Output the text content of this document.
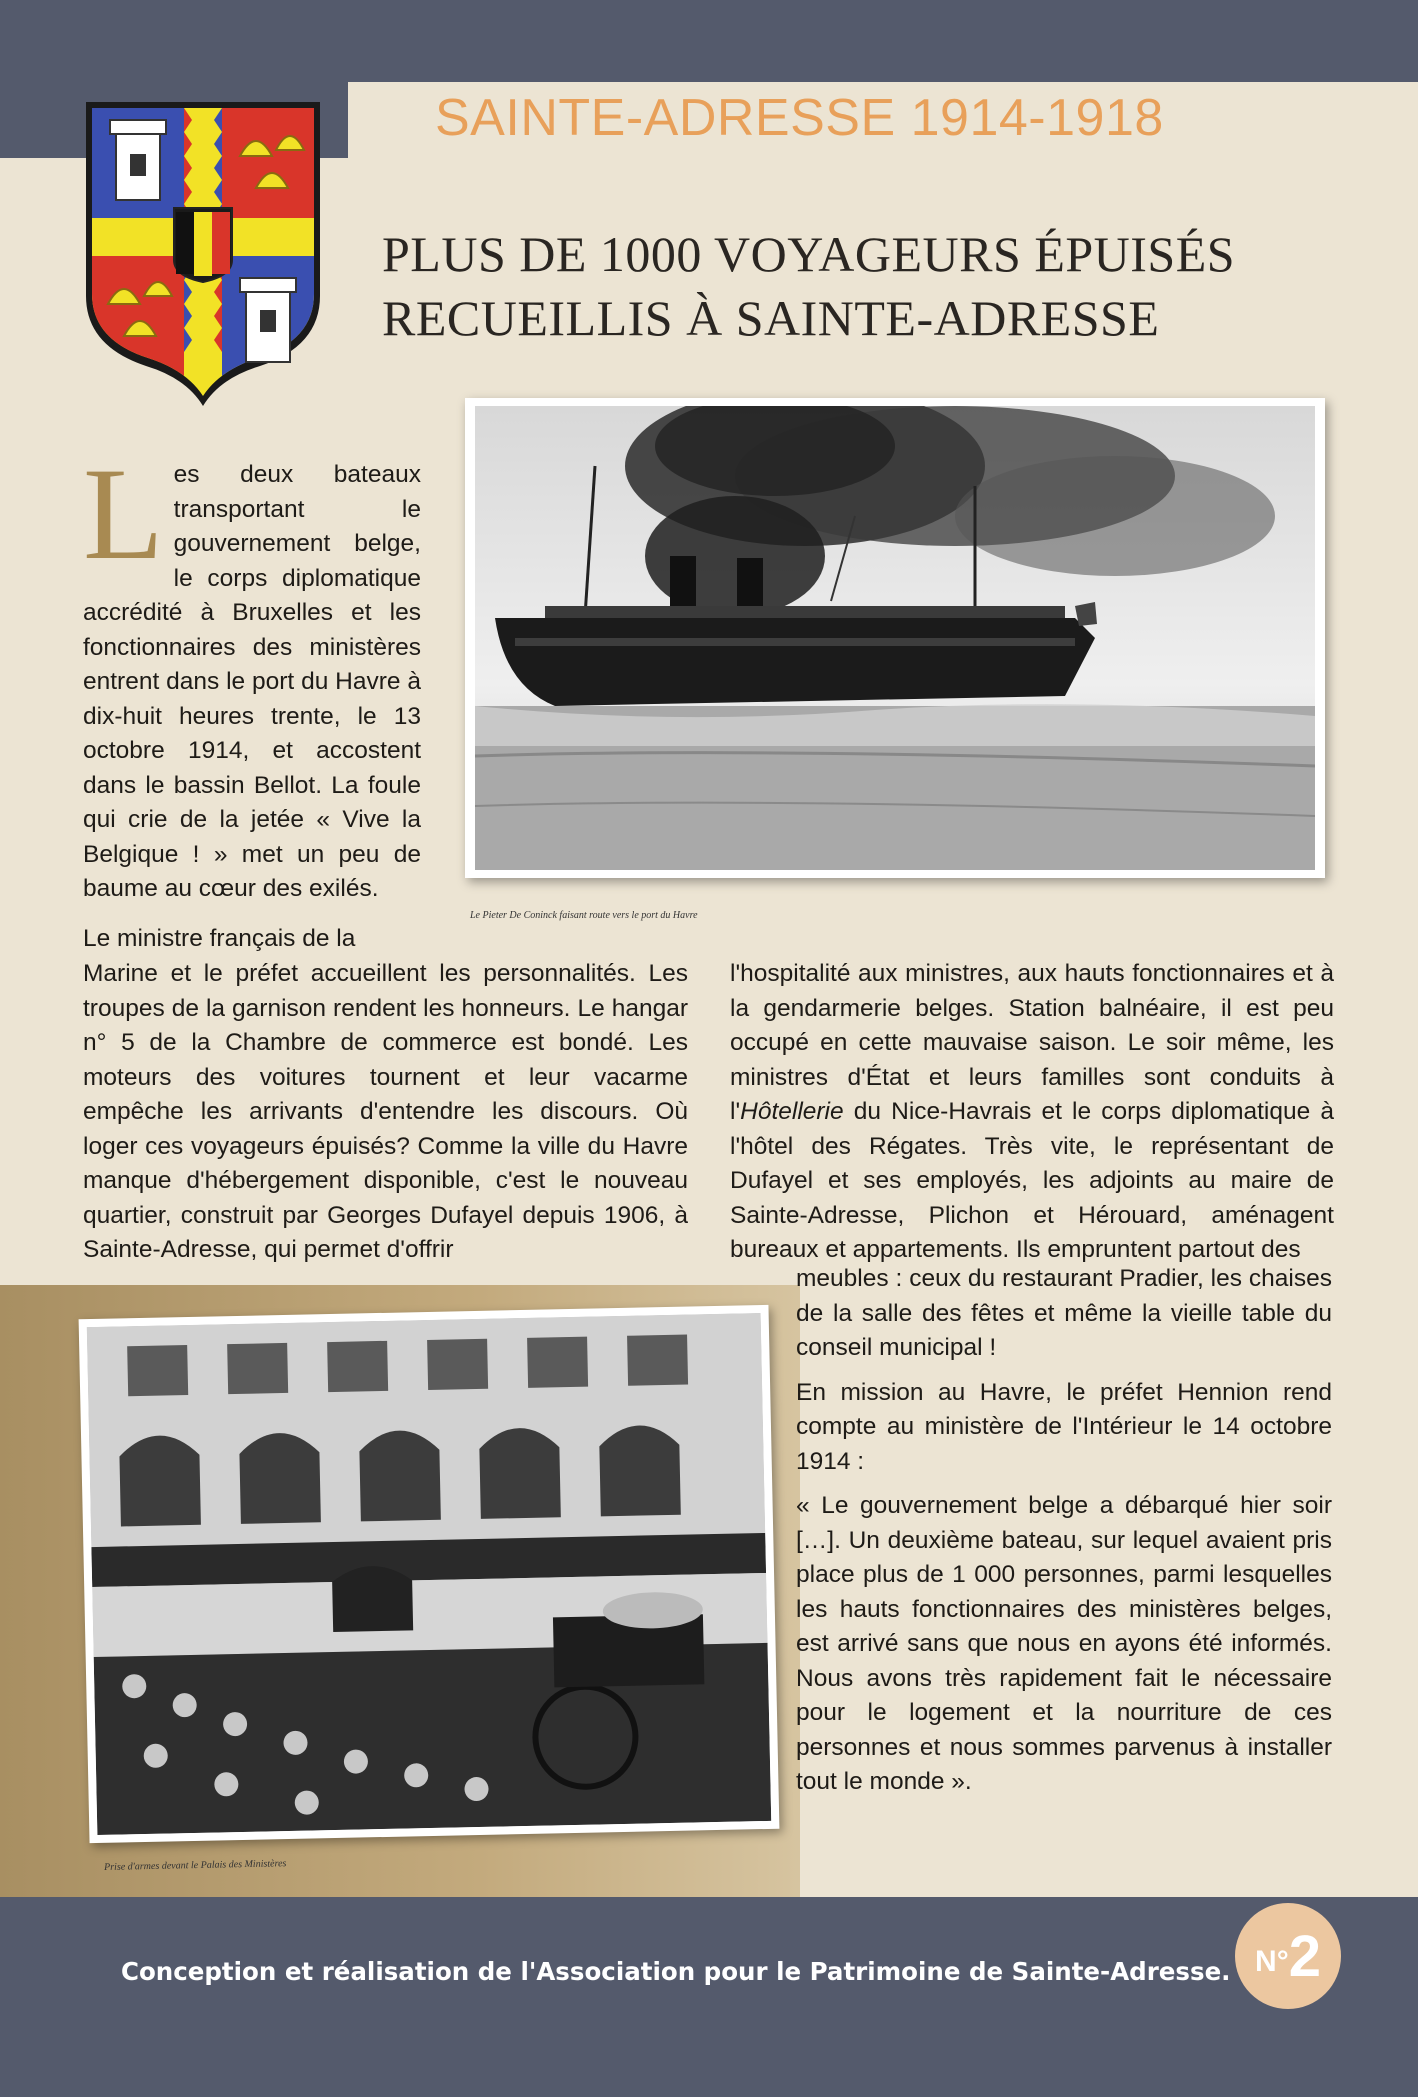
SAINTE-ADRESSE 1914-1918
PLUS DE 1000 VOYAGEURS ÉPUISÉS
RECUEILLIS À SAINTE-ADRESSE
Le Pieter De Coninck faisant route vers le port du Havre

Les deux bateaux transportant le gouvernement belge, le corps diplomatique accrédité à Bruxelles et les fonctionnaires des ministères entrent dans le port du Havre à dix-huit heures trente, le 13 octobre 1914, et accostent dans le bassin Bellot. La foule qui crie de la jetée « Vive la Belgique ! » met un peu de baume au cœur des exilés.

Le ministre français de la

Marine et le préfet accueillent les personnalités. Les troupes de la garnison rendent les honneurs. Le hangar n° 5 de la Chambre de commerce est bondé. Les moteurs des voitures tournent et leur vacarme empêche les arrivants d'entendre les discours. Où loger ces voyageurs épuisés? Comme la ville du Havre manque d'hébergement disponible, c'est le nouveau quartier, construit par Georges Dufayel depuis 1906, à Sainte-Adresse, qui permet d'offrir

l'hospitalité aux ministres, aux hauts fonctionnaires et à la gendarmerie belges. Station balnéaire, il est peu occupé en cette mauvaise saison. Le soir même, les ministres d'État et leurs familles sont conduits à l'Hôtellerie du Nice-Havrais et le corps diplomatique à l'hôtel des Régates. Très vite, le représentant de Dufayel et ses employés, les adjoints au maire de Sainte-Adresse, Plichon et Hérouard, aménagent bureaux et appartements. Ils empruntent partout des

Prise d'armes devant le Palais des Ministères

meubles : ceux du restaurant Pradier, les chaises de la salle des fêtes et même la vieille table du conseil municipal !

En mission au Havre, le préfet Hennion rend compte au ministère de l'Intérieur le 14 octobre 1914 :

« Le gouvernement belge a débarqué hier soir […]. Un deuxième bateau, sur lequel avaient pris place plus de 1 000 personnes, parmi lesquelles les hauts fonctionnaires des ministères belges, est arrivé sans que nous en ayons été informés. Nous avons très rapidement fait le nécessaire pour le logement et la nourriture de ces personnes et nous sommes parvenus à installer tout le monde ».

Conception et réalisation de l'Association pour le Patrimoine de Sainte-Adresse. N° 2
